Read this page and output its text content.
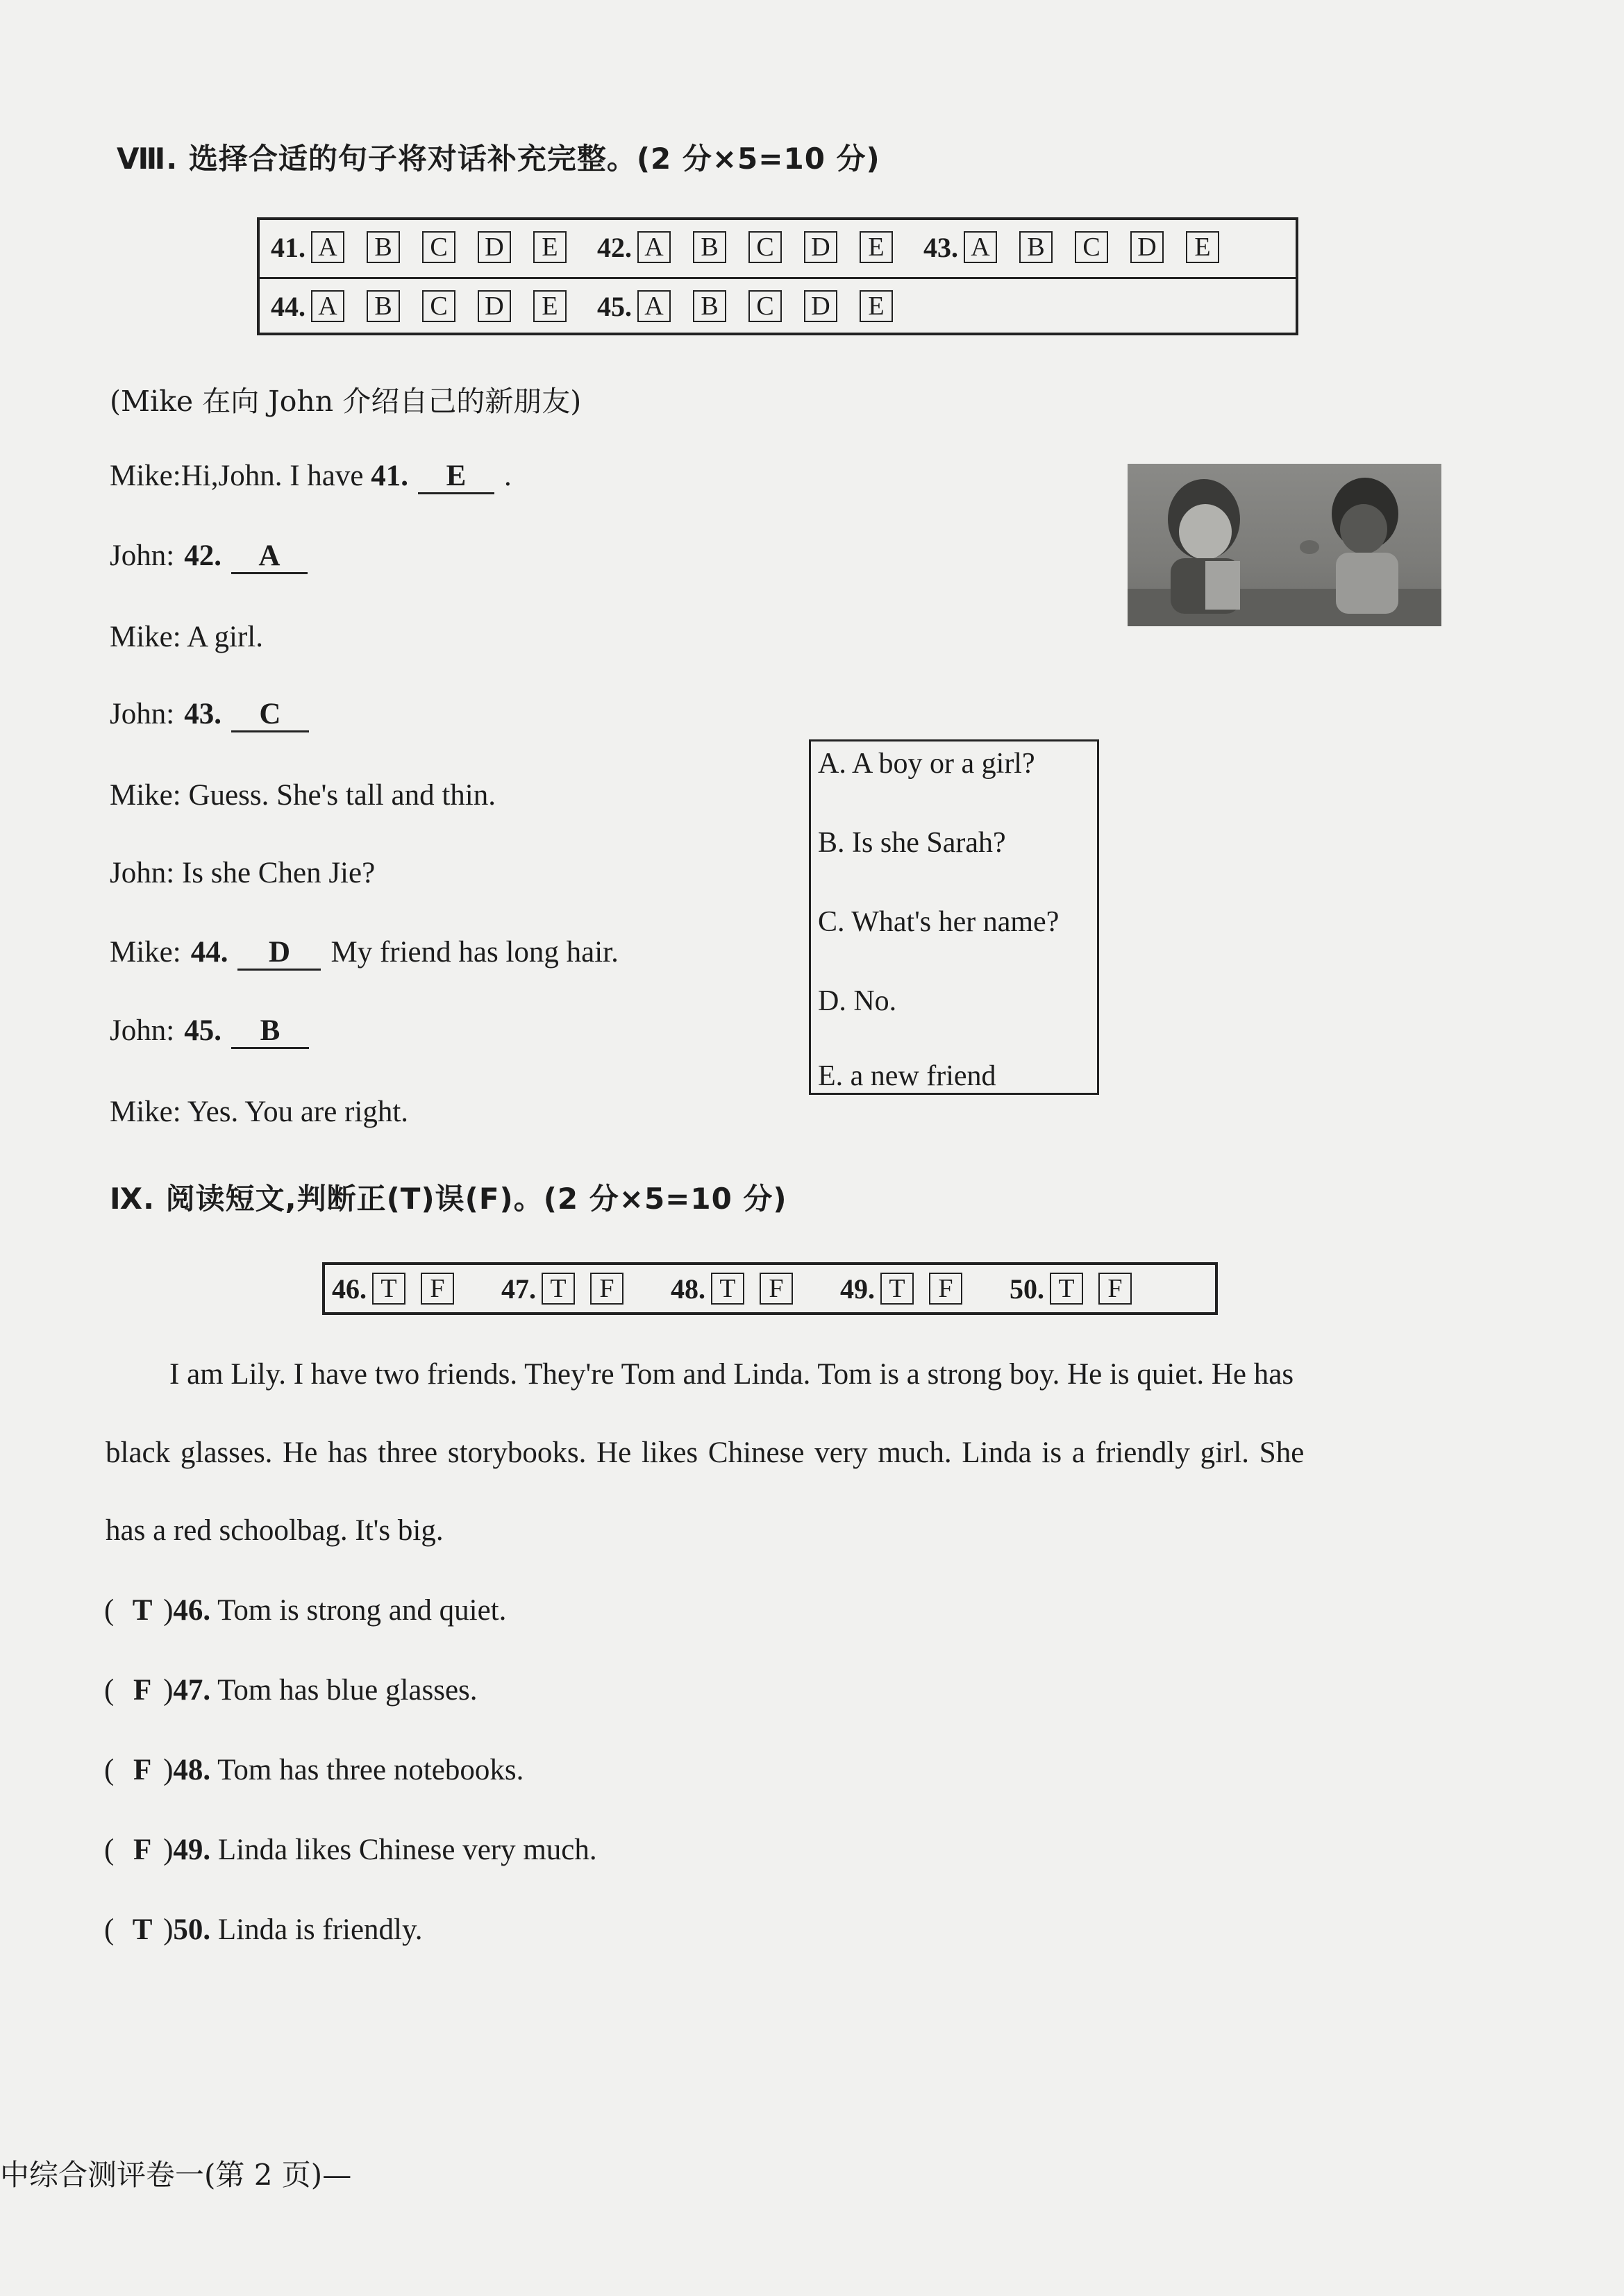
Ⅷ. 选择合适的句子将对话补充完整。(2 分×5=10 分)
41. A B C D	E	42. A B C D	E	43. A B C D	E
44. A B C D	E	45. A B C D	E
(Mike 在向 John 介绍自己的新朋友)
Mike:Hi,John. I have 41. E .
John: 42. A
Mike: A girl.
John: 43. C
Mike: Guess. She's tall and thin.
John: Is she Chen Jie?
Mike: 44. D My friend has long hair.
John: 45. B
Mike: Yes. You are right.
A. A boy or a girl?
B. Is she Sarah?
C. What's her name?
D. No.
E. a new friend
Ⅸ. 阅读短文,判断正(T)误(F)。(2 分×5=10 分)
46. T	F	47. T	F	48. T	F	49. T	F	50. T	F
I am Lily. I have two friends. They're Tom and Linda. Tom is a strong boy. He is quiet. He has
black glasses. He has three storybooks. He likes Chinese very much. Linda is a friendly girl. She
has a red schoolbag. It's big.
( T )46. Tom is strong and quiet.
( F )47. Tom has blue glasses.
( F )48. Tom has three notebooks.
( F )49. Linda likes Chinese very much.
( T )50. Linda is friendly.
中综合测评卷一(第 2 页)—
